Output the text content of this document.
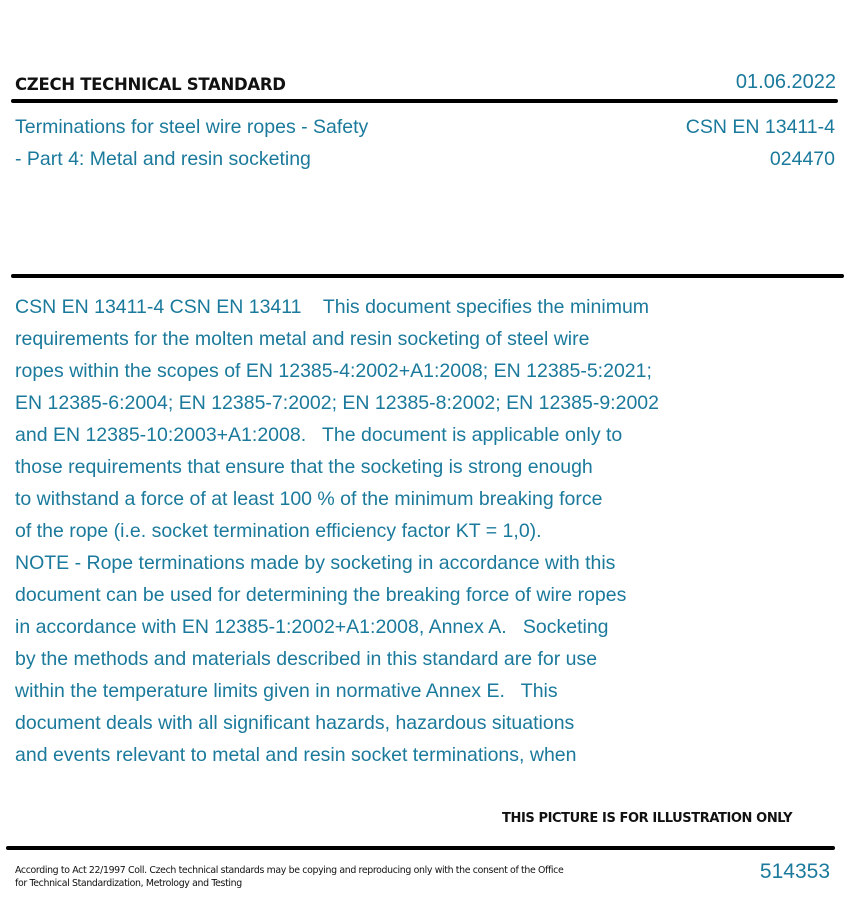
CZECH TECHNICAL STANDARD	01.06.2022
Terminations for steel wire ropes - Safety
- Part 4: Metal and resin socketing
CSN EN 13411-4
024470
CSN EN 13411-4 CSN EN 13411    This document specifies the minimum
requirements for the molten metal and resin socketing of steel wire
ropes within the scopes of EN 12385-4:2002+A1:2008; EN 12385-5:2021;
EN 12385-6:2004; EN 12385-7:2002; EN 12385-8:2002; EN 12385-9:2002
and EN 12385-10:2003+A1:2008.   The document is applicable only to
those requirements that ensure that the socketing is strong enough
to withstand a force of at least 100 % of the minimum breaking force
of the rope (i.e. socket termination efficiency factor KT = 1,0).
NOTE - Rope terminations made by socketing in accordance with this
document can be used for determining the breaking force of wire ropes
in accordance with EN 12385-1:2002+A1:2008, Annex A.   Socketing
by the methods and materials described in this standard are for use
within the temperature limits given in normative Annex E.   This
document deals with all significant hazards, hazardous situations
and events relevant to metal and resin socket terminations, when
THIS PICTURE IS FOR ILLUSTRATION ONLY
According to Act 22/1997 Coll. Czech technical standards may be copying and reproducing only with the consent of the Office
for Technical Standardization, Metrology and Testing
514353
